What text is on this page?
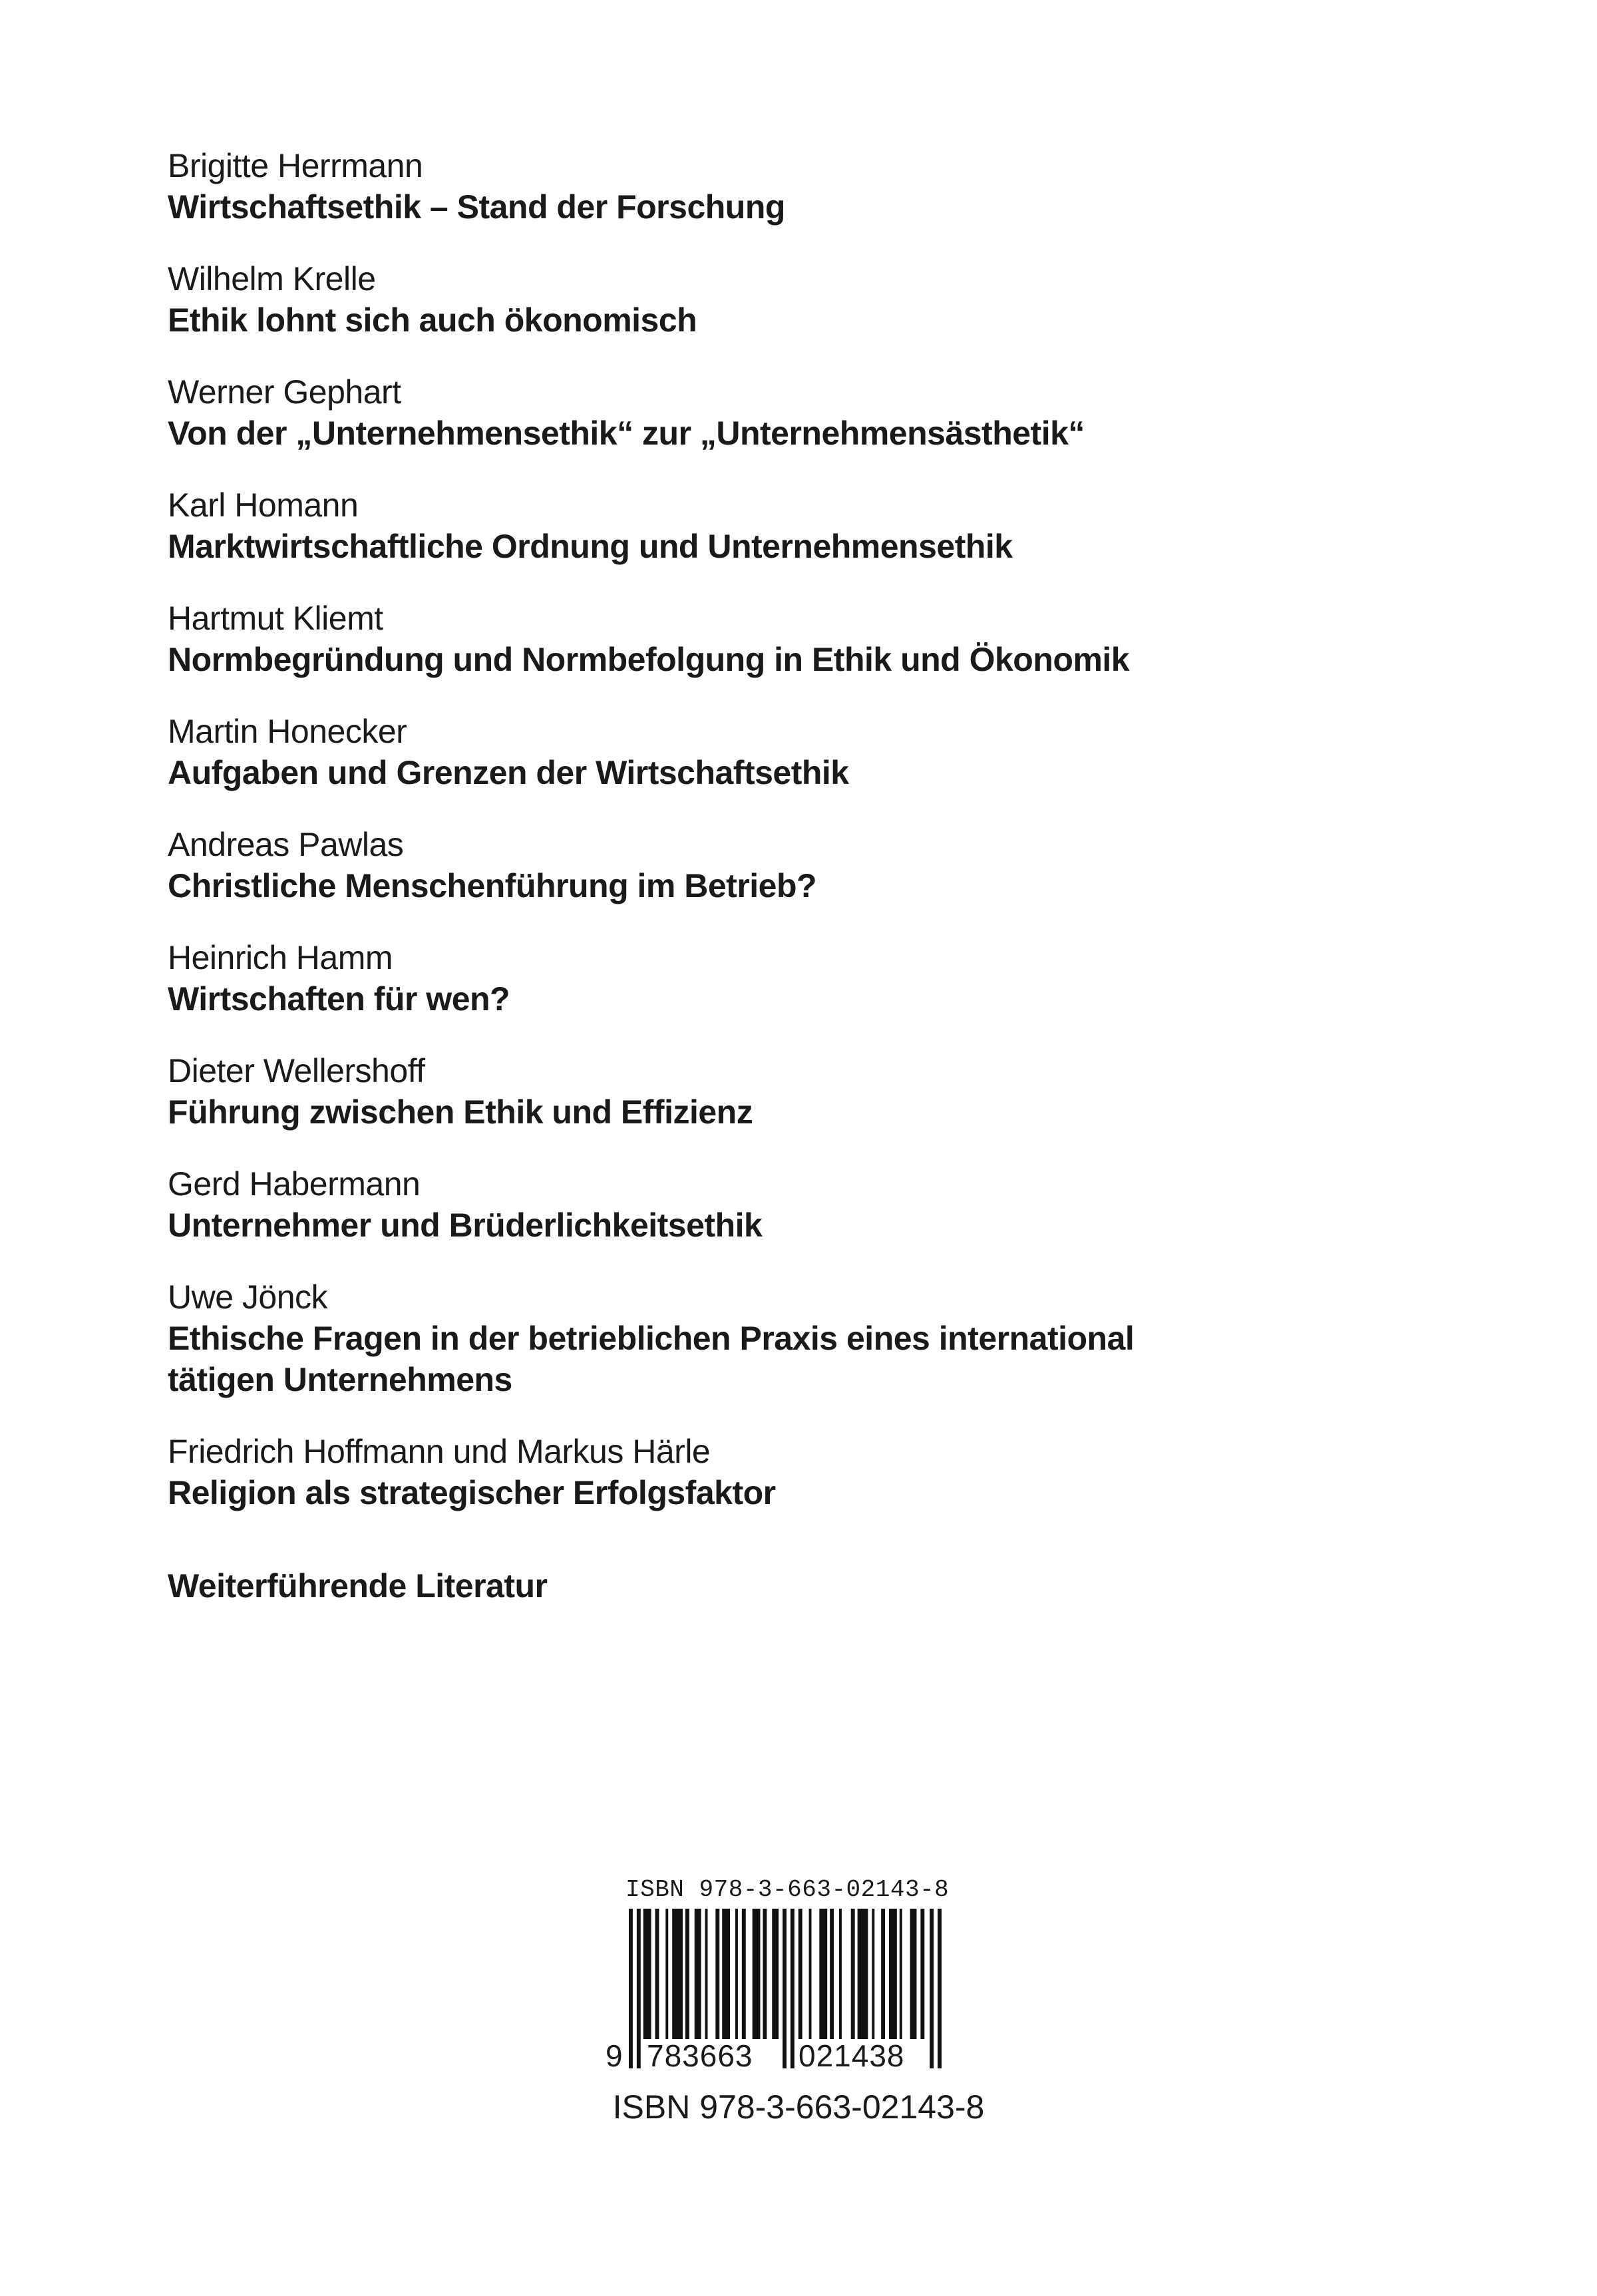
Brigitte Herrmann
Wirtschaftsethik – Stand der Forschung
Wilhelm Krelle
Ethik lohnt sich auch ökonomisch
Werner Gephart
Von der „Unternehmensethik“ zur „Unternehmensästhetik“
Karl Homann
Marktwirtschaftliche Ordnung und Unternehmensethik
Hartmut Kliemt
Normbegründung und Normbefolgung in Ethik und Ökonomik
Martin Honecker
Aufgaben und Grenzen der Wirtschaftsethik
Andreas Pawlas
Christliche Menschenführung im Betrieb?
Heinrich Hamm
Wirtschaften für wen?
Dieter Wellershoff
Führung zwischen Ethik und Effizienz
Gerd Habermann
Unternehmer und Brüderlichkeitsethik
Uwe Jönck
Ethische Fragen in der betrieblichen Praxis eines international
tätigen Unternehmens
Friedrich Hoffmann und Markus Härle
Religion als strategischer Erfolgsfaktor
Weiterführende Literatur
ISBN 978-3-663-02143-8
9 783663 021438
ISBN 978-3-663-02143-8
